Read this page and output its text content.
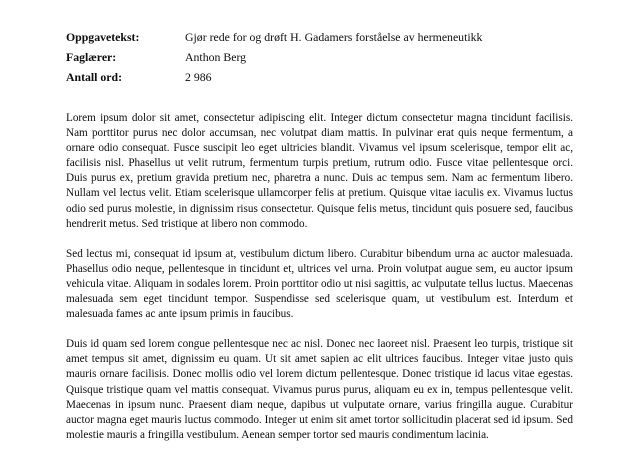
Oppgavetekst:	Gjør rede for og drøft H. Gadamers forståelse av hermeneutikk
Faglærer:	Anthon Berg
Antall ord:	2 986

Lorem ipsum dolor sit amet, consectetur adipiscing elit. Integer dictum consectetur magna tincidunt facilisis. Nam porttitor purus nec dolor accumsan, nec volutpat diam mattis. In pulvinar erat quis neque fermentum, a ornare odio consequat. Fusce suscipit leo eget ultricies blandit. Vivamus vel ipsum scelerisque, tempor elit ac, facilisis nisl. Phasellus ut velit rutrum, fermentum turpis pretium, rutrum odio. Fusce vitae pellentesque orci. Duis purus ex, pretium gravida pretium nec, pharetra a nunc. Duis ac tempus sem. Nam ac fermentum libero. Nullam vel lectus velit. Etiam scelerisque ullamcorper felis at pretium. Quisque vitae iaculis ex. Vivamus luctus odio sed purus molestie, in dignissim risus consectetur. Quisque felis metus, tincidunt quis posuere sed, faucibus hendrerit metus. Sed tristique at libero non commodo.

Sed lectus mi, consequat id ipsum at, vestibulum dictum libero. Curabitur bibendum urna ac auctor malesuada. Phasellus odio neque, pellentesque in tincidunt et, ultrices vel urna. Proin volutpat augue sem, eu auctor ipsum vehicula vitae. Aliquam in sodales lorem. Proin porttitor odio ut nisi sagittis, ac vulputate tellus luctus. Maecenas malesuada sem eget tincidunt tempor. Suspendisse sed scelerisque quam, ut vestibulum est. Interdum et malesuada fames ac ante ipsum primis in faucibus.

Duis id quam sed lorem congue pellentesque nec ac nisl. Donec nec laoreet nisl. Praesent leo turpis, tristique sit amet tempus sit amet, dignissim eu quam. Ut sit amet sapien ac elit ultrices faucibus. Integer vitae justo quis mauris ornare facilisis. Donec mollis odio vel lorem dictum pellentesque. Donec tristique id lacus vitae egestas. Quisque tristique quam vel mattis consequat. Vivamus purus purus, aliquam eu ex in, tempus pellentesque velit. Maecenas in ipsum nunc. Praesent diam neque, dapibus ut vulputate ornare, varius fringilla augue. Curabitur auctor magna eget mauris luctus commodo. Integer ut enim sit amet tortor sollicitudin placerat sed id ipsum. Sed molestie mauris a fringilla vestibulum. Aenean semper tortor sed mauris condimentum lacinia.
